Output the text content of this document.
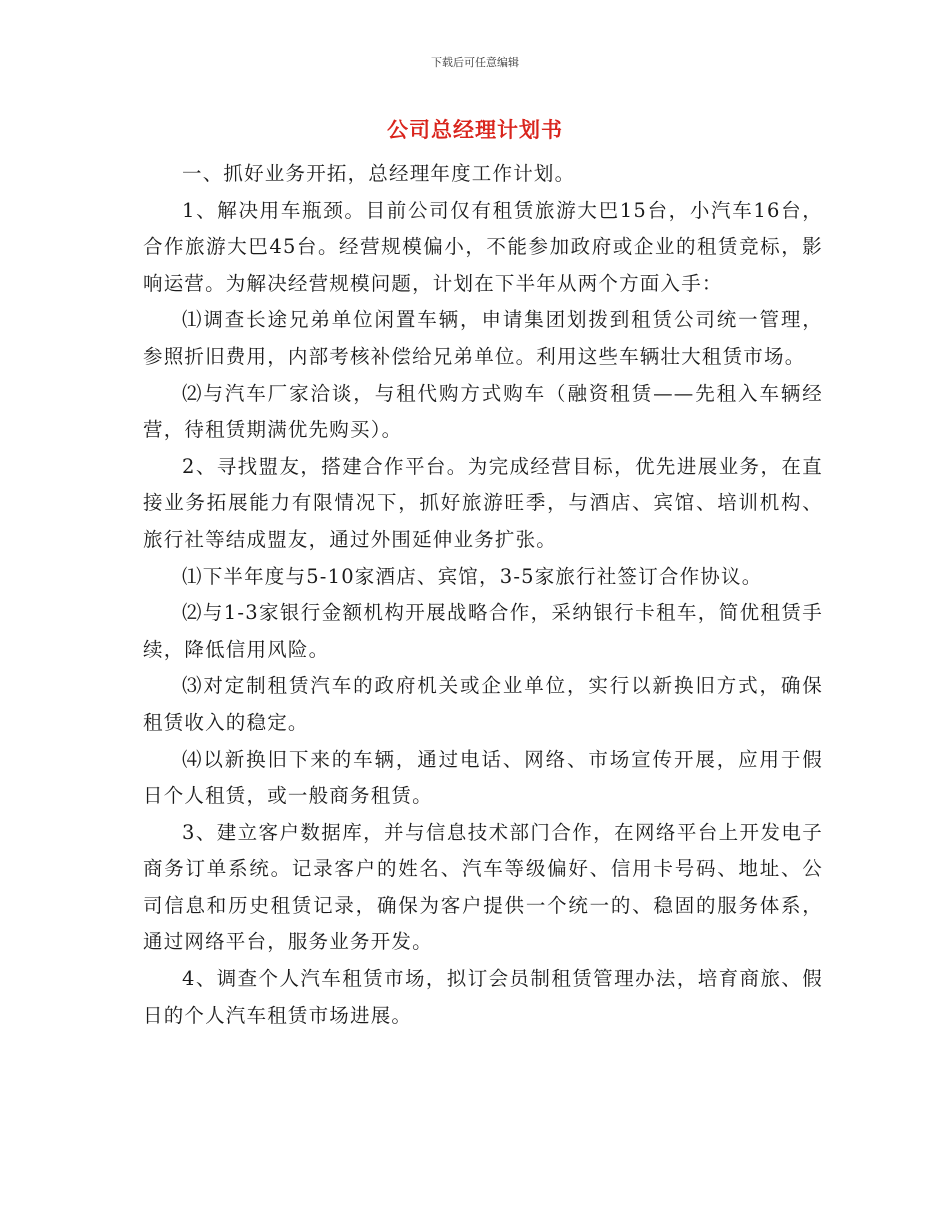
下载后可任意编辑
公司总经理计划书

一、抓好业务开拓，总经理年度工作计划。

1、解决用车瓶颈。目前公司仅有租赁旅游大巴15台，小汽车16台，合作旅游大巴45台。经营规模偏小，不能参加政府或企业的租赁竞标，影响运营。为解决经营规模问题，计划在下半年从两个方面入手：

⑴调查长途兄弟单位闲置车辆，申请集团划拨到租赁公司统一管理，参照折旧费用，内部考核补偿给兄弟单位。利用这些车辆壮大租赁市场。

⑵与汽车厂家洽谈，与租代购方式购车（融资租赁——先租入车辆经营，待租赁期满优先购买）。

2、寻找盟友，搭建合作平台。为完成经营目标，优先进展业务，在直接业务拓展能力有限情况下，抓好旅游旺季，与酒店、宾馆、培训机构、旅行社等结成盟友，通过外围延伸业务扩张。

⑴下半年度与5-10家酒店、宾馆，3-5家旅行社签订合作协议。

⑵与1-3家银行金额机构开展战略合作，采纳银行卡租车，简优租赁手续，降低信用风险。

⑶对定制租赁汽车的政府机关或企业单位，实行以新换旧方式，确保租赁收入的稳定。

⑷以新换旧下来的车辆，通过电话、网络、市场宣传开展，应用于假日个人租赁，或一般商务租赁。

3、建立客户数据库，并与信息技术部门合作，在网络平台上开发电子商务订单系统。记录客户的姓名、汽车等级偏好、信用卡号码、地址、公司信息和历史租赁记录，确保为客户提供一个统一的、稳固的服务体系，通过网络平台，服务业务开发。

4、调查个人汽车租赁市场，拟订会员制租赁管理办法，培育商旅、假日的个人汽车租赁市场进展。
